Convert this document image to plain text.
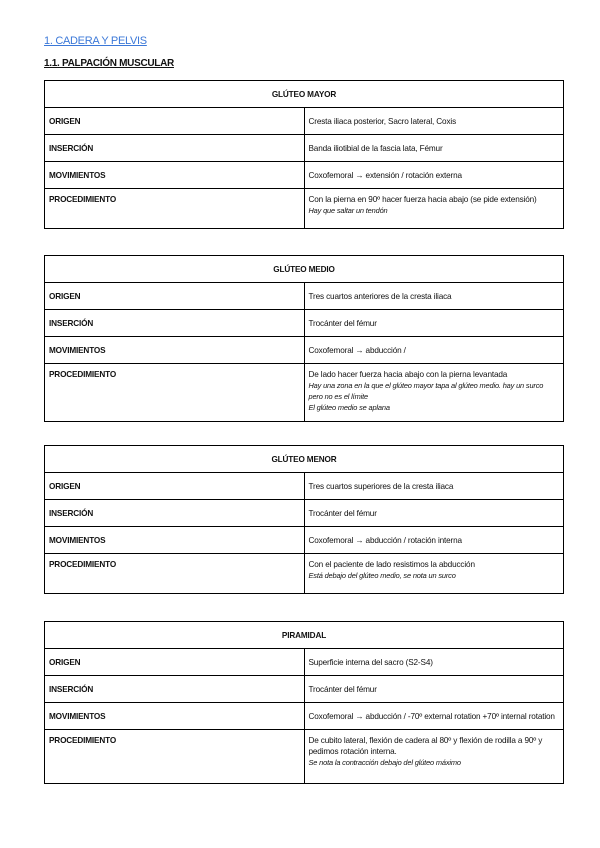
1. CADERA Y PELVIS
1.1. PALPACIÓN MUSCULAR
GLÚTEO MAYOR	
ORIGEN	Cresta iliaca posterior, Sacro lateral, Coxis
INSERCIÓN	Banda iliotibial de la fascia lata, Fémur
MOVIMIENTOS	Coxofemoral → extensión / rotación externa
PROCEDIMIENTO	Con la pierna en 90º hacer fuerza hacia abajo (se pide extensión)
Hay que saltar un tendón
GLÚTEO MEDIO	
ORIGEN	Tres cuartos anteriores de la cresta iliaca
INSERCIÓN	Trocánter del fémur
MOVIMIENTOS	Coxofemoral → abducción /
PROCEDIMIENTO	De lado hacer fuerza hacia abajo con la pierna levantada
Hay una zona en la que el glúteo mayor tapa al glúteo medio. hay un surco pero no es el límite
El glúteo medio se aplana
GLÚTEO MENOR	
ORIGEN	Tres cuartos superiores de la cresta iliaca
INSERCIÓN	Trocánter del fémur
MOVIMIENTOS	Coxofemoral → abducción / rotación interna
PROCEDIMIENTO	Con el paciente de lado resistimos la abducción
Está debajo del glúteo medio, se nota un surco
PIRAMIDAL	
ORIGEN	Superficie interna del sacro (S2-S4)
INSERCIÓN	Trocánter del fémur
MOVIMIENTOS	Coxofemoral → abducción / -70º external rotation +70º internal rotation
PROCEDIMIENTO	De cubito lateral, flexión de cadera al 80º y flexión de rodilla a 90º y pedimos rotación interna.
Se nota la contracción debajo del glúteo máximo
